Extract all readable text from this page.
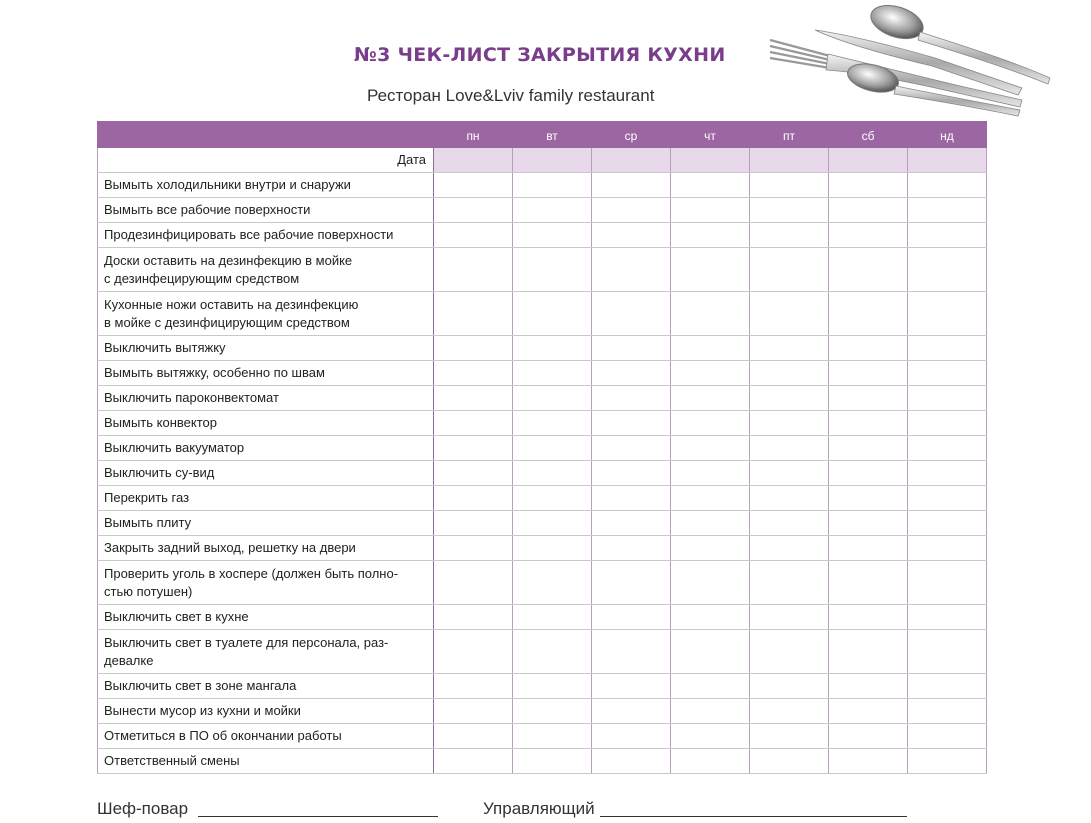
№3 ЧЕК-ЛИСТ ЗАКРЫТИЯ КУХНИ
Ресторан Love&Lviv family restaurant
	пн	вт	ср	чт	пт	сб	нд
Дата							
Вымыть холодильники внутри и снаружи							
Вымыть все рабочие поверхности							
Продезинфицировать все рабочие поверхности							

Доски оставить на дезинфекцию в мойке
с дезинфецирующим средством							

Кухонные ножи оставить на дезинфекцию
в мойке с дезинфицирующим средством							

Выключить вытяжку							
Вымыть вытяжку, особенно по швам							
Выключить пароконвектомат							
Вымыть конвектор							
Выключить вакууматор							
Выключить су-вид							
Перекрить газ							
Вымыть плиту							
Закрыть задний выход, решетку на двери							

Проверить уголь в хоспере (должен быть полно-
стью потушен)							

Выключить свет в кухне							

Выключить свет в туалете для персонала, раз-
девалке							

Выключить свет в зоне мангала							
Вынести мусор из кухни и мойки							
Отметиться в ПО об окончании работы							
Ответственный смены							
Шеф-повар	Управляющий
